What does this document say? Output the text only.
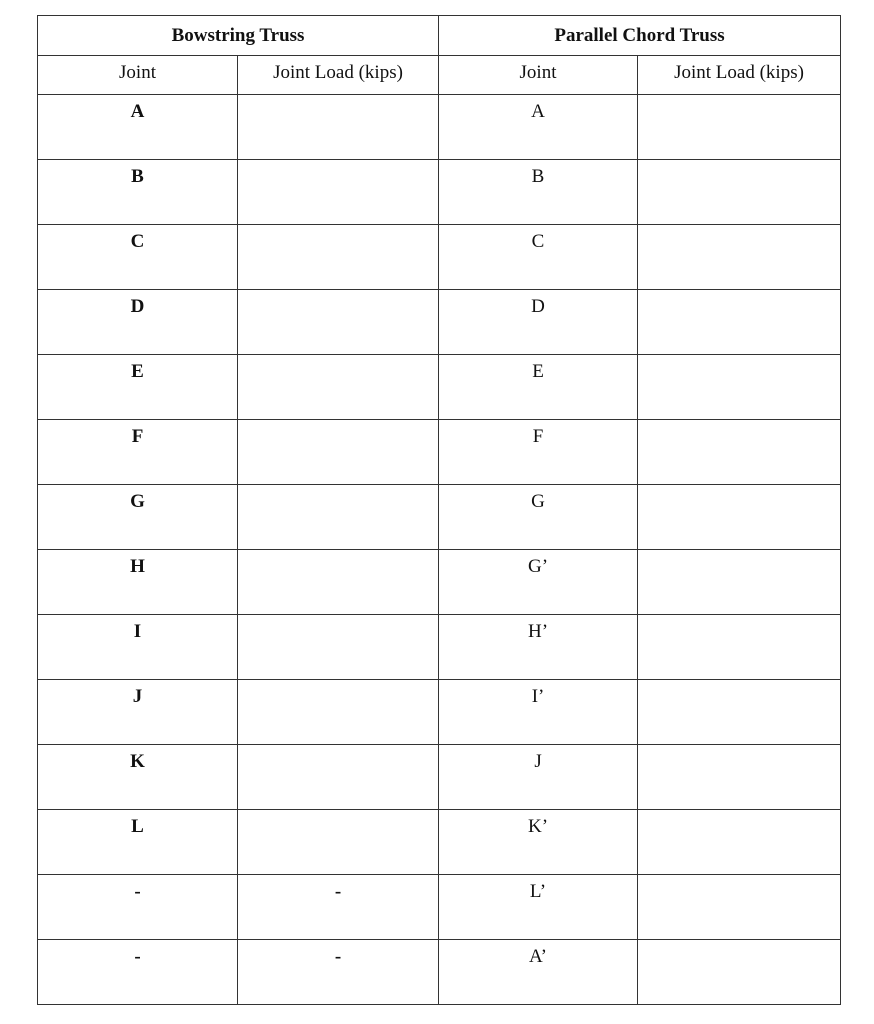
Bowstring Truss		Parallel Chord Truss	
Joint	Joint Load (kips)	Joint	Joint Load (kips)
A		A	
B		B	
C		C	
D		D	
E		E	
F		F	
G		G	
H		G’	
I		H’	
J		I’	
K		J	
L		K’	
-	-	L’	
-	-	A’	
